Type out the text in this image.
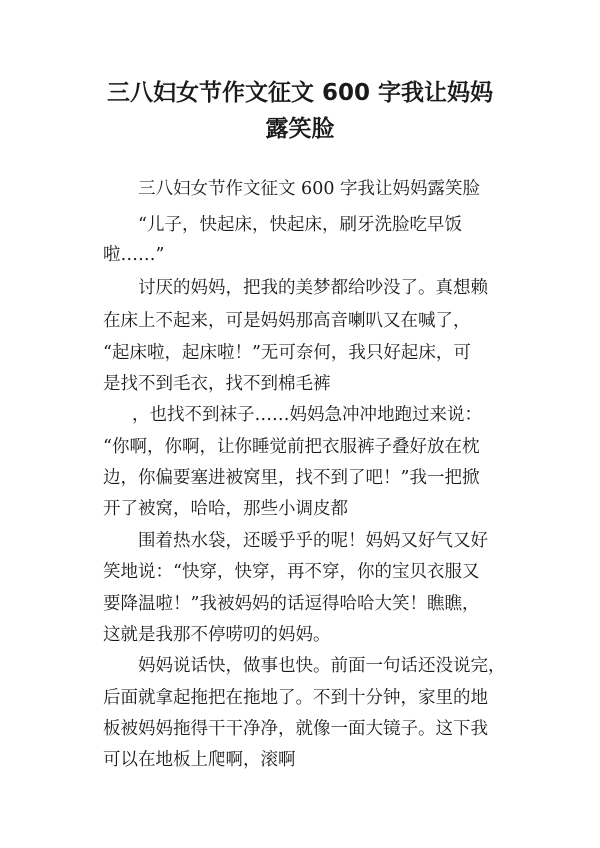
三八妇女节作文征文 600 字我让妈妈
露笑脸

三八妇女节作文征文 600 字我让妈妈露笑脸

“儿子，快起床，快起床，刷牙洗脸吃早饭

啦……”

讨厌的妈妈，把我的美梦都给吵没了。真想赖

在床上不起来，可是妈妈那高音喇叭又在喊了，

“起床啦，起床啦！”无可奈何，我只好起床，可

是找不到毛衣，找不到棉毛裤

，也找不到袜子……妈妈急冲冲地跑过来说：

“你啊，你啊，让你睡觉前把衣服裤子叠好放在枕

边，你偏要塞进被窝里，找不到了吧！”我一把掀

开了被窝，哈哈，那些小调皮都

围着热水袋，还暖乎乎的呢！妈妈又好气又好

笑地说：“快穿，快穿，再不穿，你的宝贝衣服又

要降温啦！”我被妈妈的话逗得哈哈大笑！瞧瞧，

这就是我那不停唠叨的妈妈。

妈妈说话快，做事也快。前面一句话还没说完，

后面就拿起拖把在拖地了。不到十分钟，家里的地

板被妈妈拖得干干净净，就像一面大镜子。这下我

可以在地板上爬啊，滚啊
